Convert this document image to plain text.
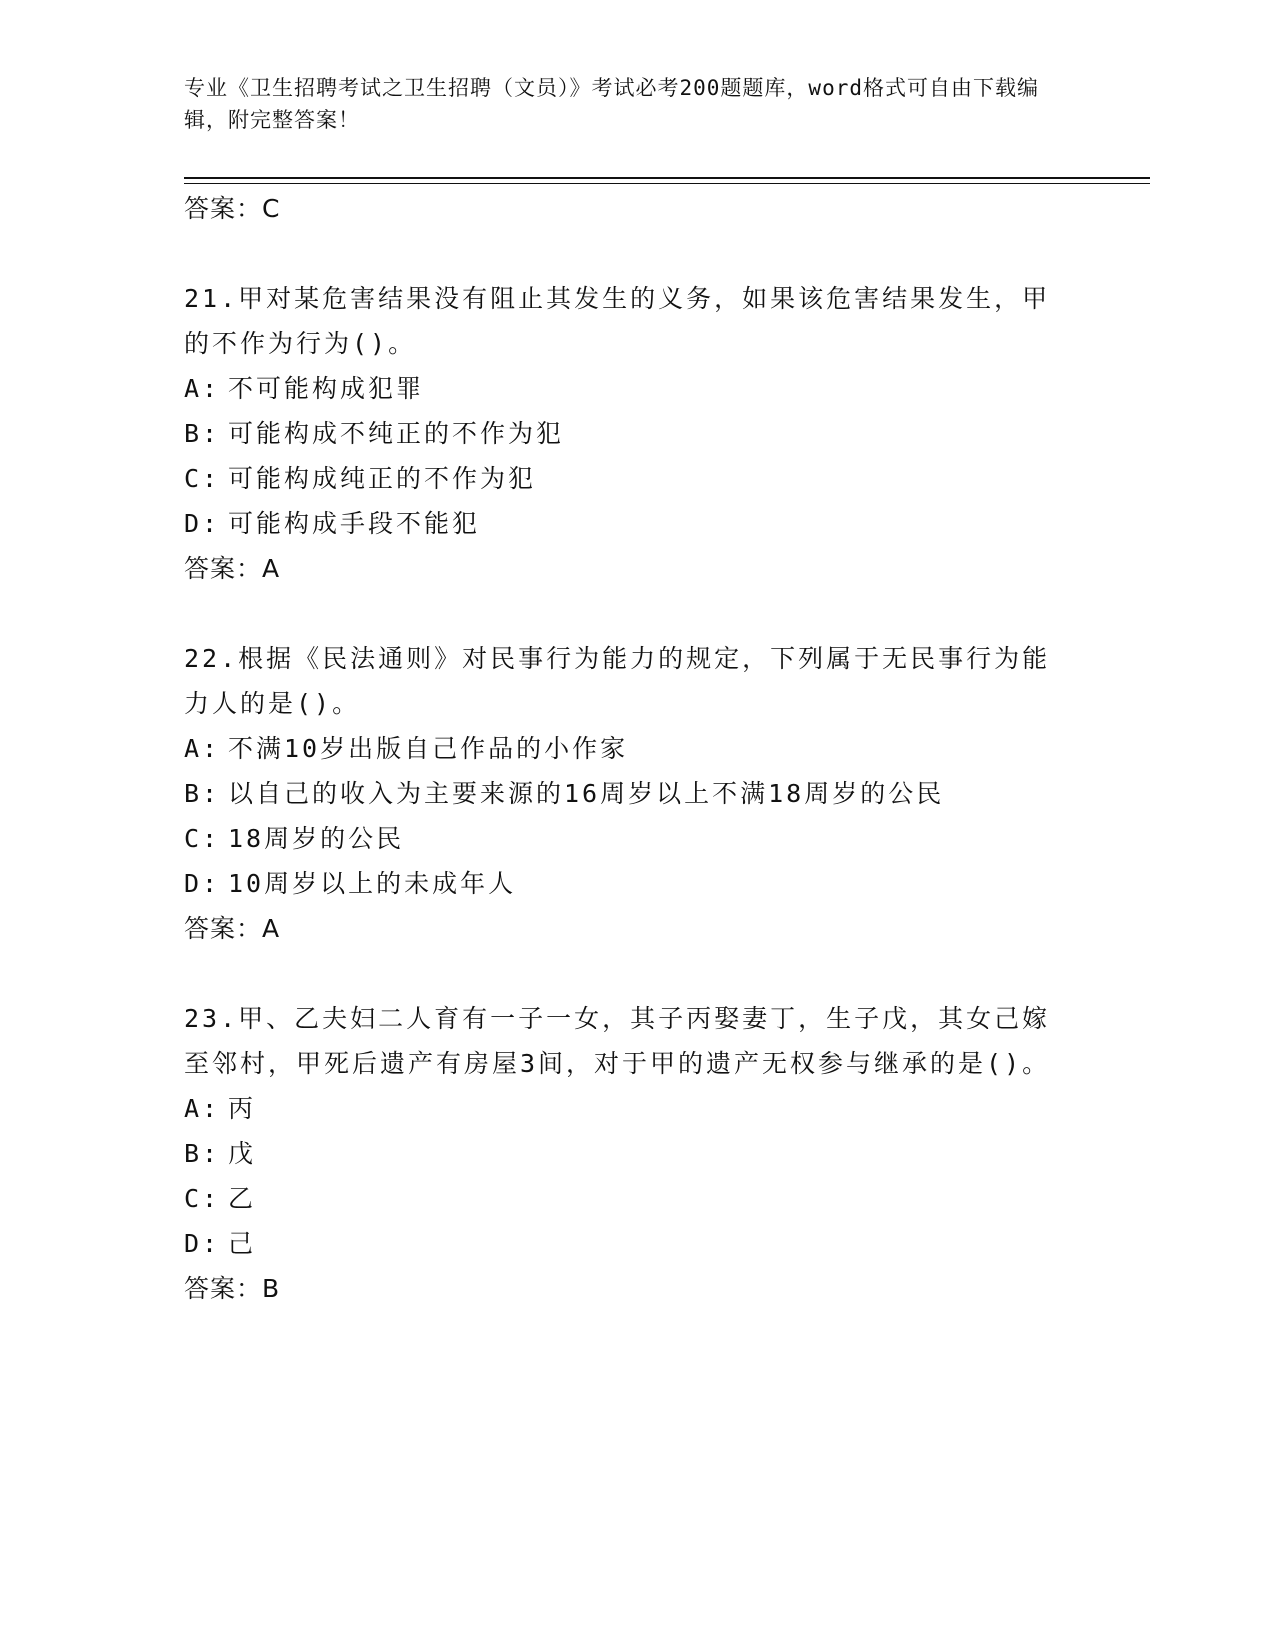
专业《卫生招聘考试之卫生招聘（文员）》考试必考200题题库，word格式可自由下载编辑，附完整答案！
答案：C
21.甲对某危害结果没有阻止其发生的义务，如果该危害结果发生，甲的不作为行为()。
A: 不可能构成犯罪
B: 可能构成不纯正的不作为犯
C: 可能构成纯正的不作为犯
D: 可能构成手段不能犯
答案：A
22.根据《民法通则》对民事行为能力的规定，下列属于无民事行为能力人的是()。
A: 不满10岁出版自己作品的小作家
B: 以自己的收入为主要来源的16周岁以上不满18周岁的公民
C: 18周岁的公民
D: 10周岁以上的未成年人
答案：A
23.甲、乙夫妇二人育有一子一女，其子丙娶妻丁，生子戊，其女己嫁至邻村，甲死后遗产有房屋3间，对于甲的遗产无权参与继承的是()。
A: 丙
B: 戊
C: 乙
D: 己
答案：B
